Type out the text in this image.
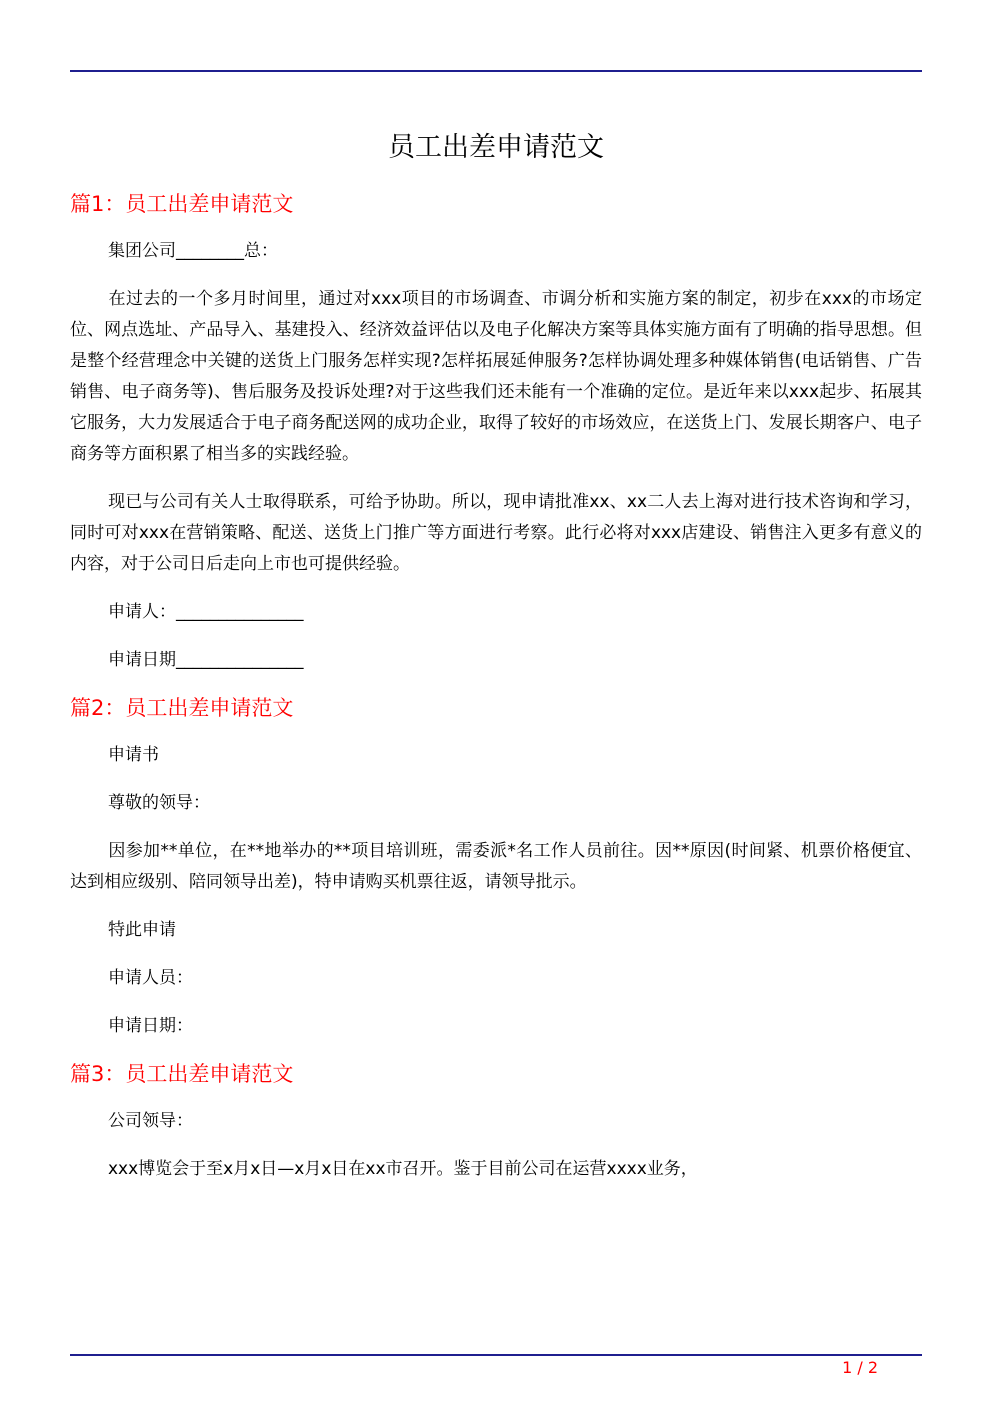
员工出差申请范文
篇1：员工出差申请范文

集团公司________总：

在过去的一个多月时间里，通过对xxx项目的市场调查、市调分析和实施方案的制定，初步在xxx的市场定位、网点选址、产品导入、基建投入、经济效益评估以及电子化解决方案等具体实施方面有了明确的指导思想。但是整个经营理念中关键的送货上门服务怎样实现?怎样拓展延伸服务?怎样协调处理多种媒体销售(电话销售、广告销售、电子商务等)、售后服务及投诉处理?对于这些我们还未能有一个准确的定位。是近年来以xxx起步、拓展其它服务，大力发展适合于电子商务配送网的成功企业，取得了较好的市场效应，在送货上门、发展长期客户、电子商务等方面积累了相当多的实践经验。

现已与公司有关人士取得联系，可给予协助。所以，现申请批准xx、xx二人去上海对进行技术咨询和学习，同时可对xxx在营销策略、配送、送货上门推广等方面进行考察。此行必将对xxx店建设、销售注入更多有意义的内容，对于公司日后走向上市也可提供经验。

申请人：_______________

申请日期_______________

篇2：员工出差申请范文

申请书

尊敬的领导：

因参加**单位，在**地举办的**项目培训班，需委派*名工作人员前往。因**原因(时间紧、机票价格便宜、达到相应级别、陪同领导出差)，特申请购买机票往返，请领导批示。

特此申请

申请人员：

申请日期：

篇3：员工出差申请范文

公司领导：

xxx博览会于至x月x日—x月x日在xx市召开。鉴于目前公司在运营xxxx业务，

1 / 2
